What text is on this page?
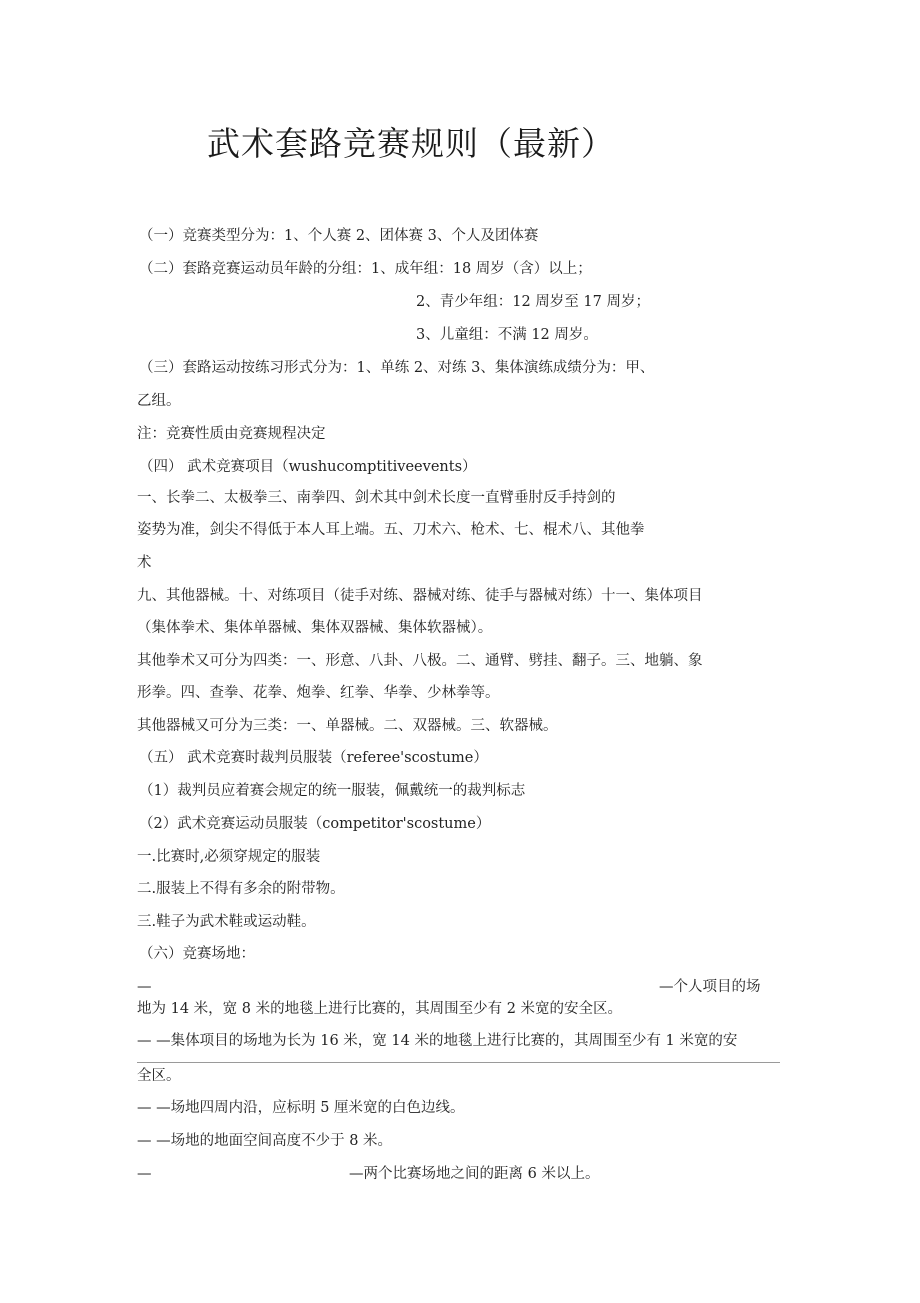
武术套路竞赛规则（最新）
（一）竞赛类型分为：1、个人赛 2、团体赛 3、个人及团体赛
（二）套路竞赛运动员年龄的分组：1、成年组：18 周岁（含）以上；
2、青少年组：12 周岁至 17 周岁；
3、儿童组：不满 12 周岁。
（三）套路运动按练习形式分为：1、单练 2、对练 3、集体演练成绩分为：甲、
乙组。
注：竞赛性质由竞赛规程决定
（四） 武术竞赛项目（wushucomptitiveevents）
一、长拳二、太极拳三、南拳四、剑术其中剑术长度一直臂垂肘反手持剑的
姿势为准，剑尖不得低于本人耳上端。五、刀术六、枪术、七、棍术八、其他拳
术
九、其他器械。十、对练项目（徒手对练、器械对练、徒手与器械对练）十一、集体项目
（集体拳术、集体单器械、集体双器械、集体软器械）。
其他拳术又可分为四类：一、形意、八卦、八极。二、通臂、劈挂、翻子。三、地躺、象
形拳。四、查拳、花拳、炮拳、红拳、华拳、少林拳等。
其他器械又可分为三类：一、单器械。二、双器械。三、软器械。
（五） 武术竞赛时裁判员服装（referee'scostume）
（1）裁判员应着赛会规定的统一服装，佩戴统一的裁判标志
（2）武术竞赛运动员服装（competitor'scostume）
一.比赛时,必须穿规定的服装
二.服装上不得有多余的附带物。
三.鞋子为武术鞋或运动鞋。
（六）竞赛场地：
—	—个人项目的场
地为 14 米，宽 8 米的地毯上进行比赛的，其周围至少有 2 米宽的安全区。
— —集体项目的场地为长为 16 米，宽 14 米的地毯上进行比赛的，其周围至少有 1 米宽的安
全区。
— —场地四周内沿，应标明 5 厘米宽的白色边线。
— —场地的地面空间高度不少于 8 米。
—	—两个比赛场地之间的距离 6 米以上。
